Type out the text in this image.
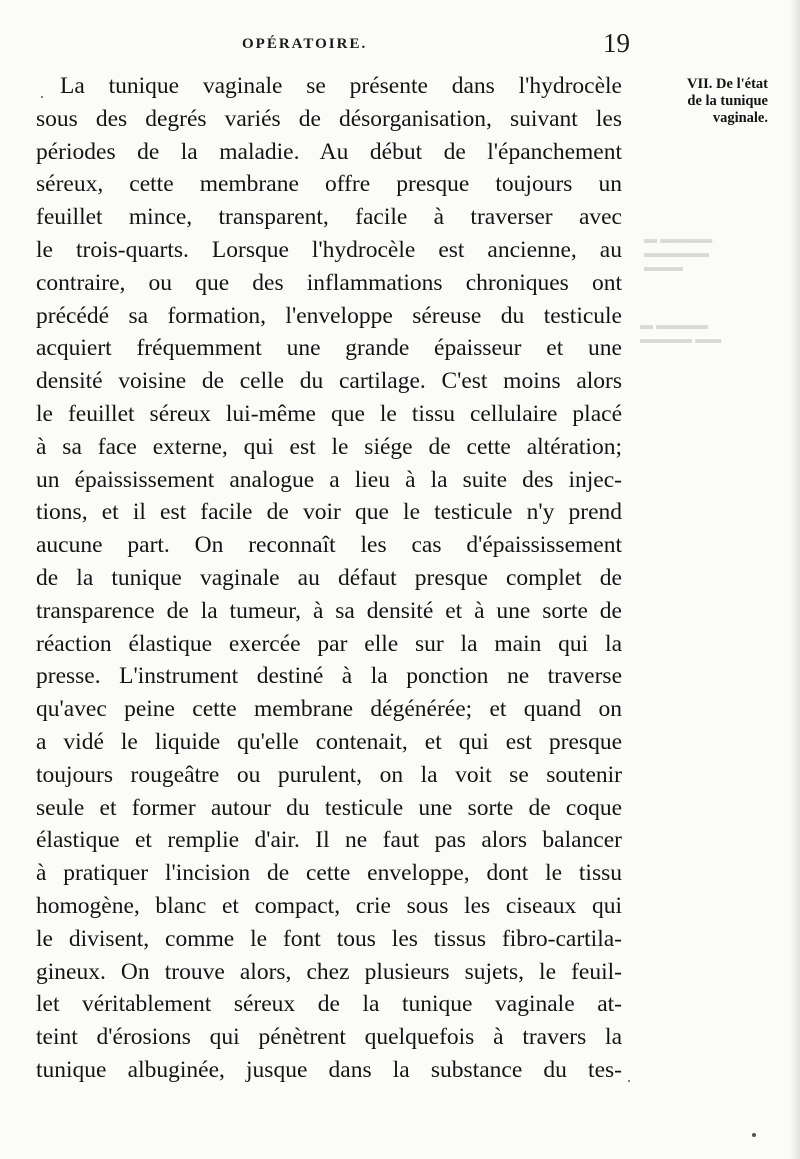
▬▬▬▬ ▬
▬▬▬▬▬
▬▬▬
▬▬▬▬ ▬
▬▬ ▬▬▬▬
OPÉRATOIRE.	19
VII. De l'état
de la tunique
vaginale.
La tunique vaginale se présente dans l'hydrocèle
sous des degrés variés de désorganisation, suivant les
périodes de la maladie. Au début de l'épanchement
séreux, cette membrane offre presque toujours un
feuillet mince, transparent, facile à traverser avec
le trois-quarts. Lorsque l'hydrocèle est ancienne, au
contraire, ou que des inflammations chroniques ont
précédé sa formation, l'enveloppe séreuse du testicule
acquiert fréquemment une grande épaisseur et une
densité voisine de celle du cartilage. C'est moins alors
le feuillet séreux lui-même que le tissu cellulaire placé
à sa face externe, qui est le siége de cette altération;
un épaississement analogue a lieu à la suite des injec-
tions, et il est facile de voir que le testicule n'y prend
aucune part. On reconnaît les cas d'épaississement
de la tunique vaginale au défaut presque complet de
transparence de la tumeur, à sa densité et à une sorte de
réaction élastique exercée par elle sur la main qui la
presse. L'instrument destiné à la ponction ne traverse
qu'avec peine cette membrane dégénérée; et quand on
a vidé le liquide qu'elle contenait, et qui est presque
toujours rougeâtre ou purulent, on la voit se soutenir
seule et former autour du testicule une sorte de coque
élastique et remplie d'air. Il ne faut pas alors balancer
à pratiquer l'incision de cette enveloppe, dont le tissu
homogène, blanc et compact, crie sous les ciseaux qui
le divisent, comme le font tous les tissus fibro-cartila-
gineux. On trouve alors, chez plusieurs sujets, le feuil-
let véritablement séreux de la tunique vaginale at-
teint d'érosions qui pénètrent quelquefois à travers la
tunique albuginée, jusque dans la substance du tes-
